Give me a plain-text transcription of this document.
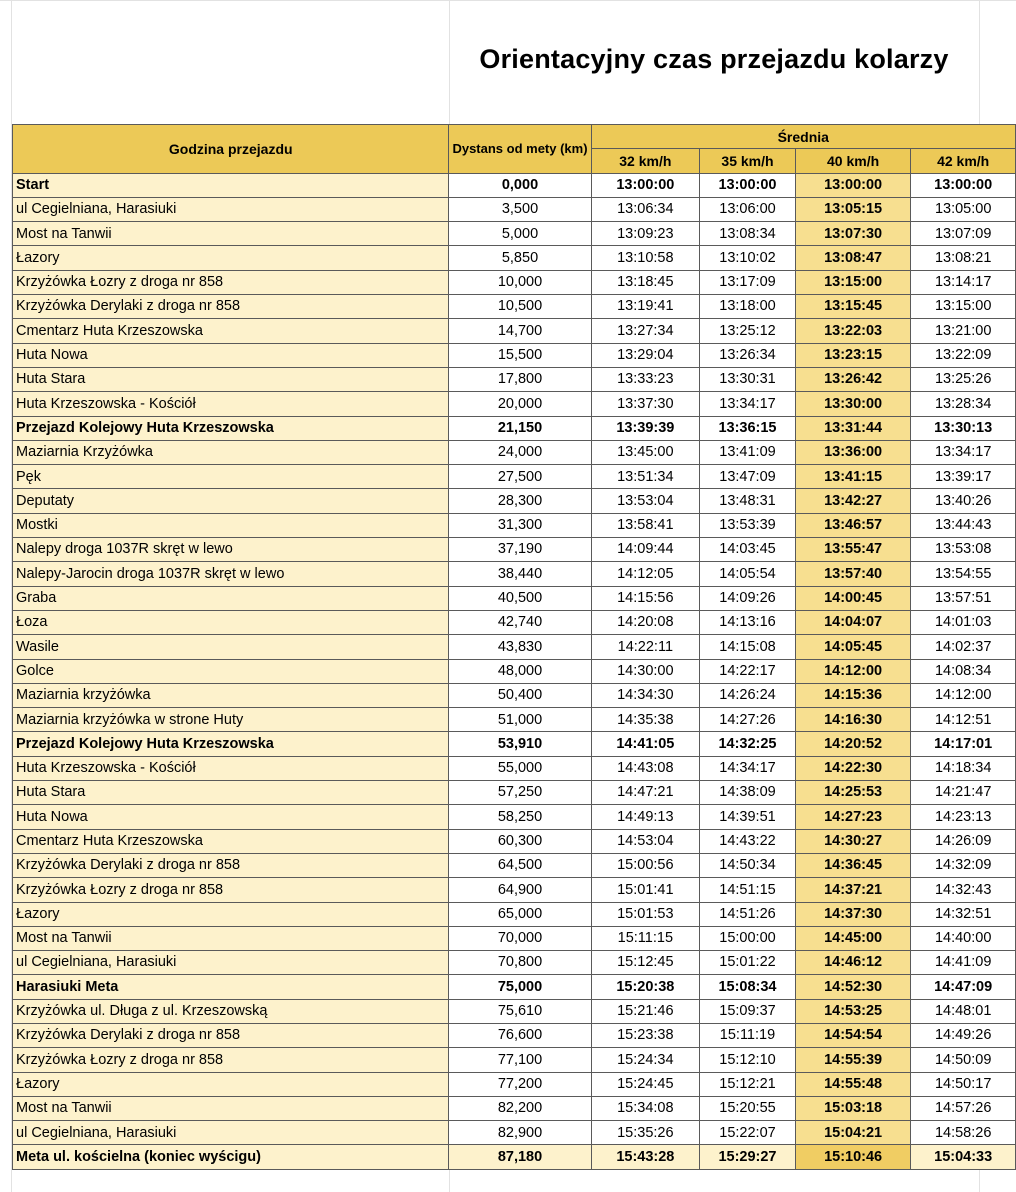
Orientacyjny czas przejazdu kolarzy
Godzina przejazdu	Dystans od mety (km)	Średnia			
		32 km/h	35 km/h	40 km/h	42 km/h
Start	0,000	13:00:00	13:00:00	13:00:00	13:00:00
ul Cegielniana, Harasiuki	3,500	13:06:34	13:06:00	13:05:15	13:05:00
Most na Tanwii	5,000	13:09:23	13:08:34	13:07:30	13:07:09
Łazory	5,850	13:10:58	13:10:02	13:08:47	13:08:21
Krzyżówka Łozry z droga nr 858	10,000	13:18:45	13:17:09	13:15:00	13:14:17
Krzyżówka Derylaki z droga nr 858	10,500	13:19:41	13:18:00	13:15:45	13:15:00
Cmentarz Huta Krzeszowska	14,700	13:27:34	13:25:12	13:22:03	13:21:00
Huta Nowa	15,500	13:29:04	13:26:34	13:23:15	13:22:09
Huta Stara	17,800	13:33:23	13:30:31	13:26:42	13:25:26
Huta Krzeszowska - Kościół	20,000	13:37:30	13:34:17	13:30:00	13:28:34
Przejazd Kolejowy Huta Krzeszowska	21,150	13:39:39	13:36:15	13:31:44	13:30:13
Maziarnia Krzyżówka	24,000	13:45:00	13:41:09	13:36:00	13:34:17
Pęk	27,500	13:51:34	13:47:09	13:41:15	13:39:17
Deputaty	28,300	13:53:04	13:48:31	13:42:27	13:40:26
Mostki	31,300	13:58:41	13:53:39	13:46:57	13:44:43
Nalepy droga 1037R skręt w lewo	37,190	14:09:44	14:03:45	13:55:47	13:53:08
Nalepy-Jarocin droga 1037R skręt w lewo	38,440	14:12:05	14:05:54	13:57:40	13:54:55
Graba	40,500	14:15:56	14:09:26	14:00:45	13:57:51
Łoza	42,740	14:20:08	14:13:16	14:04:07	14:01:03
Wasile	43,830	14:22:11	14:15:08	14:05:45	14:02:37
Golce	48,000	14:30:00	14:22:17	14:12:00	14:08:34
Maziarnia krzyżówka	50,400	14:34:30	14:26:24	14:15:36	14:12:00
Maziarnia krzyżówka w strone Huty	51,000	14:35:38	14:27:26	14:16:30	14:12:51
Przejazd Kolejowy Huta Krzeszowska	53,910	14:41:05	14:32:25	14:20:52	14:17:01
Huta Krzeszowska - Kościół	55,000	14:43:08	14:34:17	14:22:30	14:18:34
Huta Stara	57,250	14:47:21	14:38:09	14:25:53	14:21:47
Huta Nowa	58,250	14:49:13	14:39:51	14:27:23	14:23:13
Cmentarz Huta Krzeszowska	60,300	14:53:04	14:43:22	14:30:27	14:26:09
Krzyżówka Derylaki z droga nr 858	64,500	15:00:56	14:50:34	14:36:45	14:32:09
Krzyżówka Łozry z droga nr 858	64,900	15:01:41	14:51:15	14:37:21	14:32:43
Łazory	65,000	15:01:53	14:51:26	14:37:30	14:32:51
Most na Tanwii	70,000	15:11:15	15:00:00	14:45:00	14:40:00
ul Cegielniana, Harasiuki	70,800	15:12:45	15:01:22	14:46:12	14:41:09
Harasiuki Meta	75,000	15:20:38	15:08:34	14:52:30	14:47:09
Krzyżówka ul. Długa z ul. Krzeszowską	75,610	15:21:46	15:09:37	14:53:25	14:48:01
Krzyżówka Derylaki z droga nr 858	76,600	15:23:38	15:11:19	14:54:54	14:49:26
Krzyżówka Łozry z droga nr 858	77,100	15:24:34	15:12:10	14:55:39	14:50:09
Łazory	77,200	15:24:45	15:12:21	14:55:48	14:50:17
Most na Tanwii	82,200	15:34:08	15:20:55	15:03:18	14:57:26
ul Cegielniana, Harasiuki	82,900	15:35:26	15:22:07	15:04:21	14:58:26
Meta ul. kościelna (koniec wyścigu)	87,180	15:43:28	15:29:27	15:10:46	15:04:33
